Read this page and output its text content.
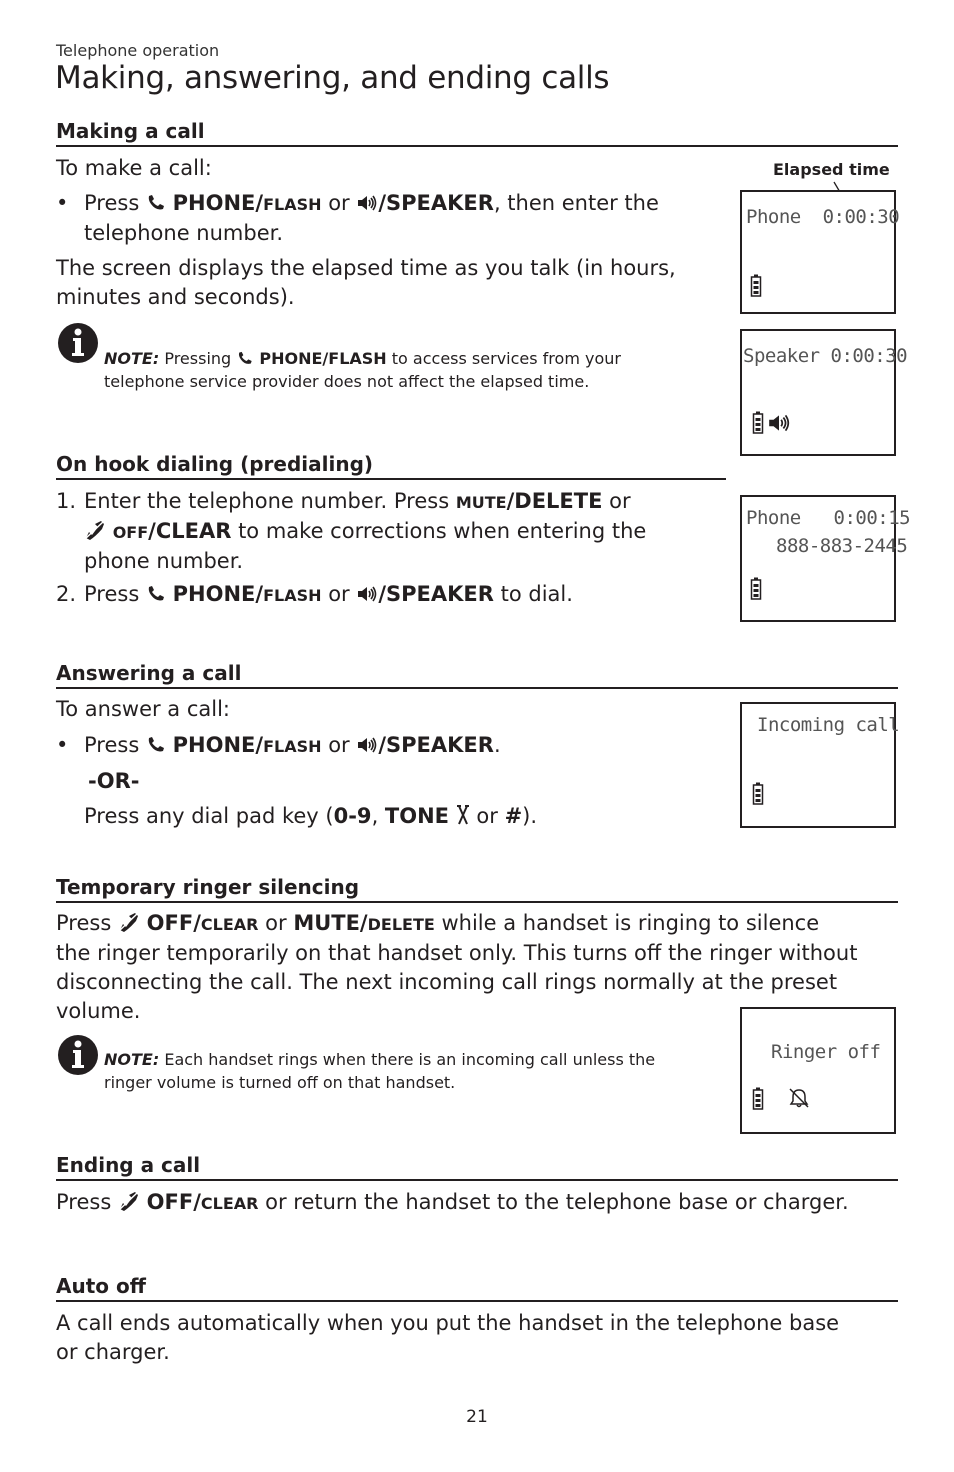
Telephone operation
Making, answering, and ending calls
Making a call
To make a call:
• Press PHONE/FLASH or /SPEAKER, then enter the
telephone number.
The screen displays the elapsed time as you talk (in hours,
minutes and seconds).
NOTE: Pressing PHONE/FLASH to access services from your
telephone service provider does not affect the elapsed time.
Elapsed time
Phone  0:00:30
Speaker 0:00:30
On hook dialing (predialing)
1. Enter the telephone number. Press MUTE/DELETE or
OFF/CLEAR to make corrections when entering the
phone number.
2. Press PHONE/FLASH or /SPEAKER to dial.
Phone   0:00:15
888-883-2445
Answering a call
To answer a call:
• Press PHONE/FLASH or /SPEAKER.
-OR-
Press any dial pad key (0-9, TONE  or #).
Incoming call
Temporary ringer silencing
Press OFF/CLEAR or MUTE/DELETE while a handset is ringing to silence
the ringer temporarily on that handset only. This turns off the ringer without
disconnecting the call. The next incoming call rings normally at the preset
volume.
NOTE: Each handset rings when there is an incoming call unless the
ringer volume is turned off on that handset.
Ringer off
Ending a call
Press OFF/CLEAR or return the handset to the telephone base or charger.
Auto off
A call ends automatically when you put the handset in the telephone base
or charger.
21
